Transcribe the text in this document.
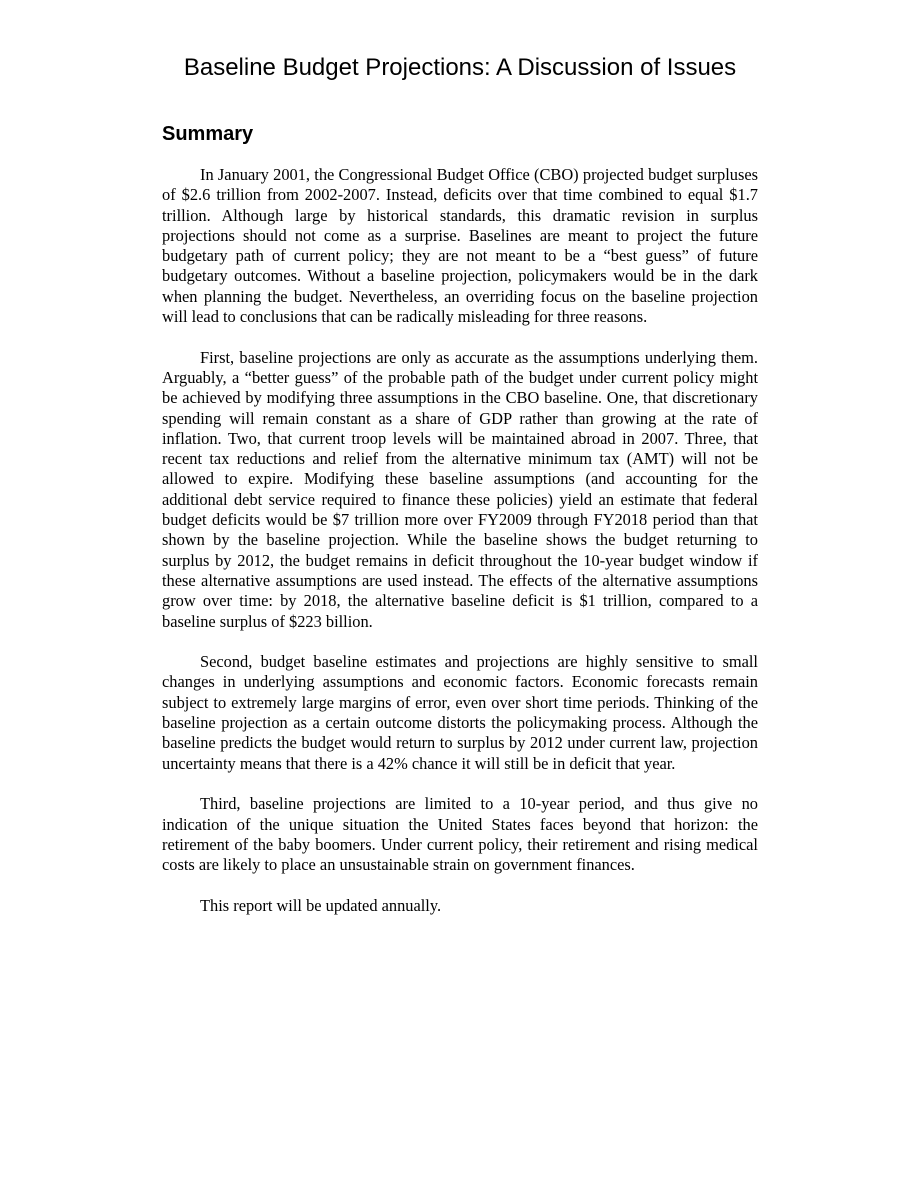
Baseline Budget Projections: A Discussion of Issues
Summary

In January 2001, the Congressional Budget Office (CBO) projected budget surpluses of $2.6 trillion from 2002-2007. Instead, deficits over that time combined to equal $1.7 trillion. Although large by historical standards, this dramatic revision in surplus projections should not come as a surprise. Baselines are meant to project the future budgetary path of current policy; they are not meant to be a “best guess” of future budgetary outcomes. Without a baseline projection, policymakers would be in the dark when planning the budget. Nevertheless, an overriding focus on the baseline projection will lead to conclusions that can be radically misleading for three reasons.

First, baseline projections are only as accurate as the assumptions underlying them. Arguably, a “better guess” of the probable path of the budget under current policy might be achieved by modifying three assumptions in the CBO baseline. One, that discretionary spending will remain constant as a share of GDP rather than growing at the rate of inflation. Two, that current troop levels will be maintained abroad in 2007. Three, that recent tax reductions and relief from the alternative minimum tax (AMT) will not be allowed to expire. Modifying these baseline assumptions (and accounting for the additional debt service required to finance these policies) yield an estimate that federal budget deficits would be $7 trillion more over FY2009 through FY2018 period than that shown by the baseline projection. While the baseline shows the budget returning to surplus by 2012, the budget remains in deficit throughout the 10-year budget window if these alternative assumptions are used instead. The effects of the alternative assumptions grow over time: by 2018, the alternative baseline deficit is $1 trillion, compared to a baseline surplus of $223 billion.

Second, budget baseline estimates and projections are highly sensitive to small changes in underlying assumptions and economic factors. Economic forecasts remain subject to extremely large margins of error, even over short time periods. Thinking of the baseline projection as a certain outcome distorts the policymaking process. Although the baseline predicts the budget would return to surplus by 2012 under current law, projection uncertainty means that there is a 42% chance it will still be in deficit that year.

Third, baseline projections are limited to a 10-year period, and thus give no indication of the unique situation the United States faces beyond that horizon: the retirement of the baby boomers. Under current policy, their retirement and rising medical costs are likely to place an unsustainable strain on government finances.

This report will be updated annually.
